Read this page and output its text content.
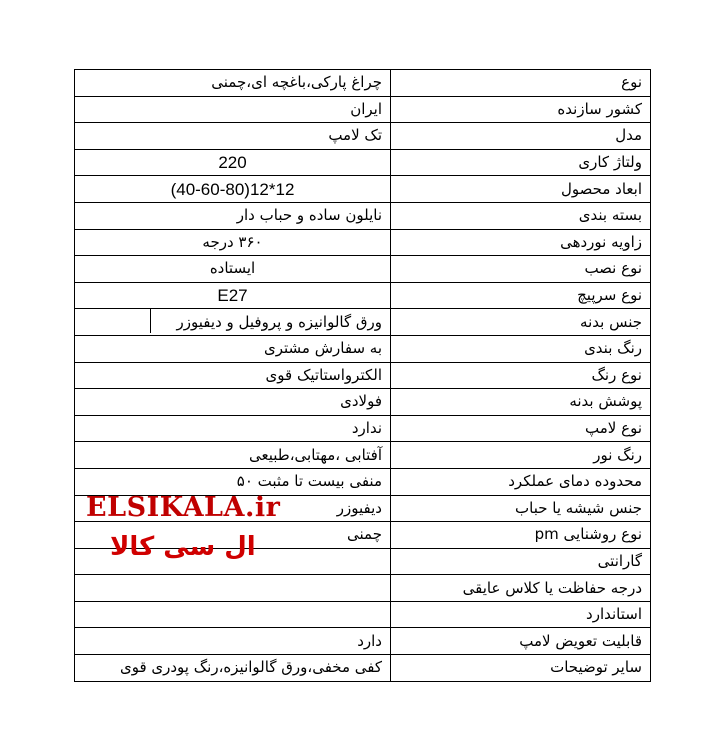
چراغ پارکی،باغچه ای،چمنی	نوع
ایران	کشور سازنده
تک لامپ	مدل
220	ولتاژ کاری
12*12(40-60-80)	ابعاد محصول
نایلون ساده و حباب دار	بسته بندی
۳۶۰ درجه	زاویه نوردهی
ایستاده	نوع نصب
E27	نوع سرپیچ
ورق گالوانیزه و پروفیل و دیفیوزر	جنس بدنه
به سفارش مشتری	رنگ بندی
الکترواستاتیک قوی	نوع رنگ
فولادی	پوشش بدنه
ندارد	نوع لامپ
آفتابی ،مهتابی،طبیعی	رنگ نور
منفی بیست تا مثبت ۵۰	محدوده دمای عملکرد
دیفیوزر	جنس شیشه یا حباب
چمنی	نوع روشنایی pm
	گارانتی
	درجه حفاظت یا کلاس عایقی
	استاندارد
دارد	قابلیت تعویض لامپ
کفی مخفی،ورق گالوانیزه،رنگ پودری قوی	سایر توضیحات
ELSIKALA.ir
ال سی کالا
